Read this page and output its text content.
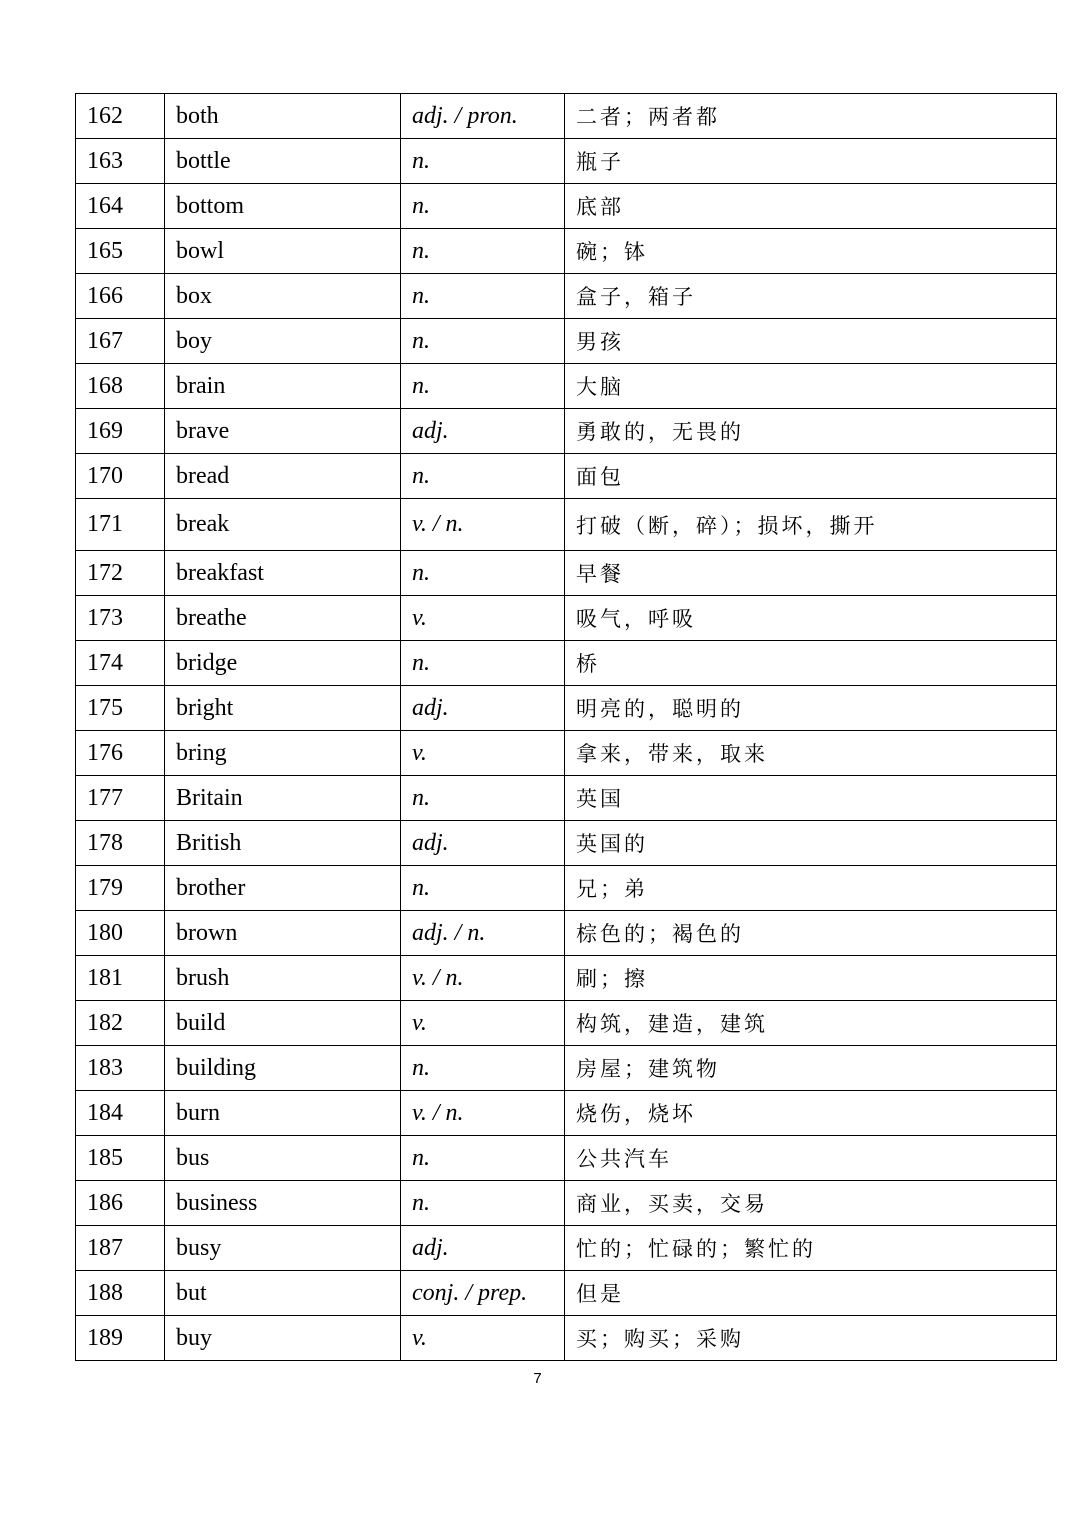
162	both	adj. / pron.	二者；两者都
163	bottle	n.	瓶子
164	bottom	n.	底部
165	bowl	n.	碗；钵
166	box	n.	盒子，箱子
167	boy	n.	男孩
168	brain	n.	大脑
169	brave	adj.	勇敢的，无畏的
170	bread	n.	面包
171	break	v. / n.	打破（断，碎）；损坏，撕开
172	breakfast	n.	早餐
173	breathe	v.	吸气，呼吸
174	bridge	n.	桥
175	bright	adj.	明亮的，聪明的
176	bring	v.	拿来，带来，取来
177	Britain	n.	英国
178	British	adj.	英国的
179	brother	n.	兄；弟
180	brown	adj. / n.	棕色的；褐色的
181	brush	v. / n.	刷；擦
182	build	v.	构筑，建造，建筑
183	building	n.	房屋；建筑物
184	burn	v. / n.	烧伤，烧坏
185	bus	n.	公共汽车
186	business	n.	商业，买卖，交易
187	busy	adj.	忙的；忙碌的；繁忙的
188	but	conj. / prep.	但是
189	buy	v.	买；购买；采购
7
